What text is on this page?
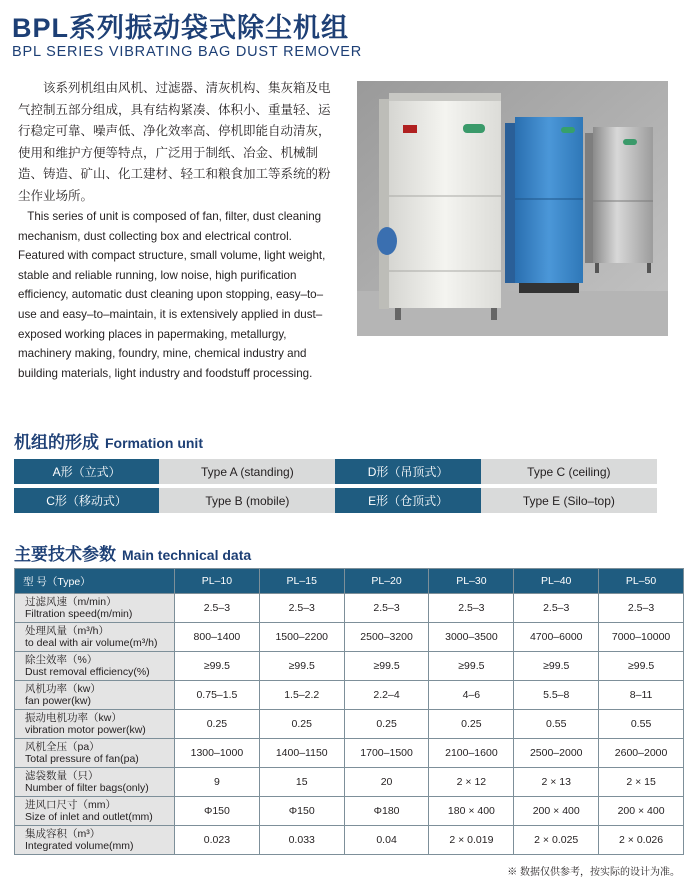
BPL系列振动袋式除尘机组
BPL SERIES VIBRATING BAG DUST REMOVER
该系列机组由风机、过滤器、清灰机构、集灰箱及电气控制五部分组成，具有结构紧凑、体积小、重量轻、运行稳定可靠、噪声低、净化效率高、停机即能自动清灰，使用和维护方便等特点，广泛用于制纸、冶金、机械制造、铸造、矿山、化工建材、轻工和粮食加工等系统的粉尘作业场所。
This series of unit is composed of fan, filter, dust cleaning mechanism, dust collecting box and electrical control. Featured with compact structure, small volume, light weight, stable and reliable running, low noise, high purification efficiency, automatic dust cleaning upon stopping, easy–to–use and easy–to–maintain, it is extensively applied in dust–exposed working places in papermaking, metallurgy, machinery making, foundry, mine, chemical industry and building materials, light industry and foodstuff processing.
机组的形成 Formation unit
A形（立式）	Type A (standing)	D形（吊顶式）	Type C (ceiling)
C形（移动式）	Type B (mobile)	E形（仓顶式）	Type E (Silo–top)
主要技术参数 Main technical data
型 号（Type）	PL–10	PL–15	PL–20	PL–30	PL–40	PL–50

过滤风速（m/min）
Filtration speed(m/min)	2.5–3	2.5–3	2.5–3	2.5–3	2.5–3	2.5–3

处理风量（m³/h）
to deal with air volume(m³/h)	800–1400	1500–2200	2500–3200	3000–3500	4700–6000	7000–10000

除尘效率（%）
Dust removal efficiency(%)	≥99.5	≥99.5	≥99.5	≥99.5	≥99.5	≥99.5

风机功率（kw）
fan power(kw)	0.75–1.5	1.5–2.2	2.2–4	4–6	5.5–8	8–11

振动电机功率（kw）
vibration motor power(kw)	0.25	0.25	0.25	0.25	0.55	0.55

风机全压（pa）
Total pressure of fan(pa)	1300–1000	1400–1150	1700–1500	2100–1600	2500–2000	2600–2000

滤袋数量（只）
Number of filter bags(only)	9	15	20	2 × 12	2 × 13	2 × 15

进风口尺寸（mm）
Size of inlet and outlet(mm)	Φ150	Φ150	Φ180	180 × 400	200 × 400	200 × 400

集成容积（m³）
Integrated volume(mm)	0.023	0.033	0.04	2 × 0.019	2 × 0.025	2 × 0.026
※ 数据仅供参考，按实际的设计为准。
